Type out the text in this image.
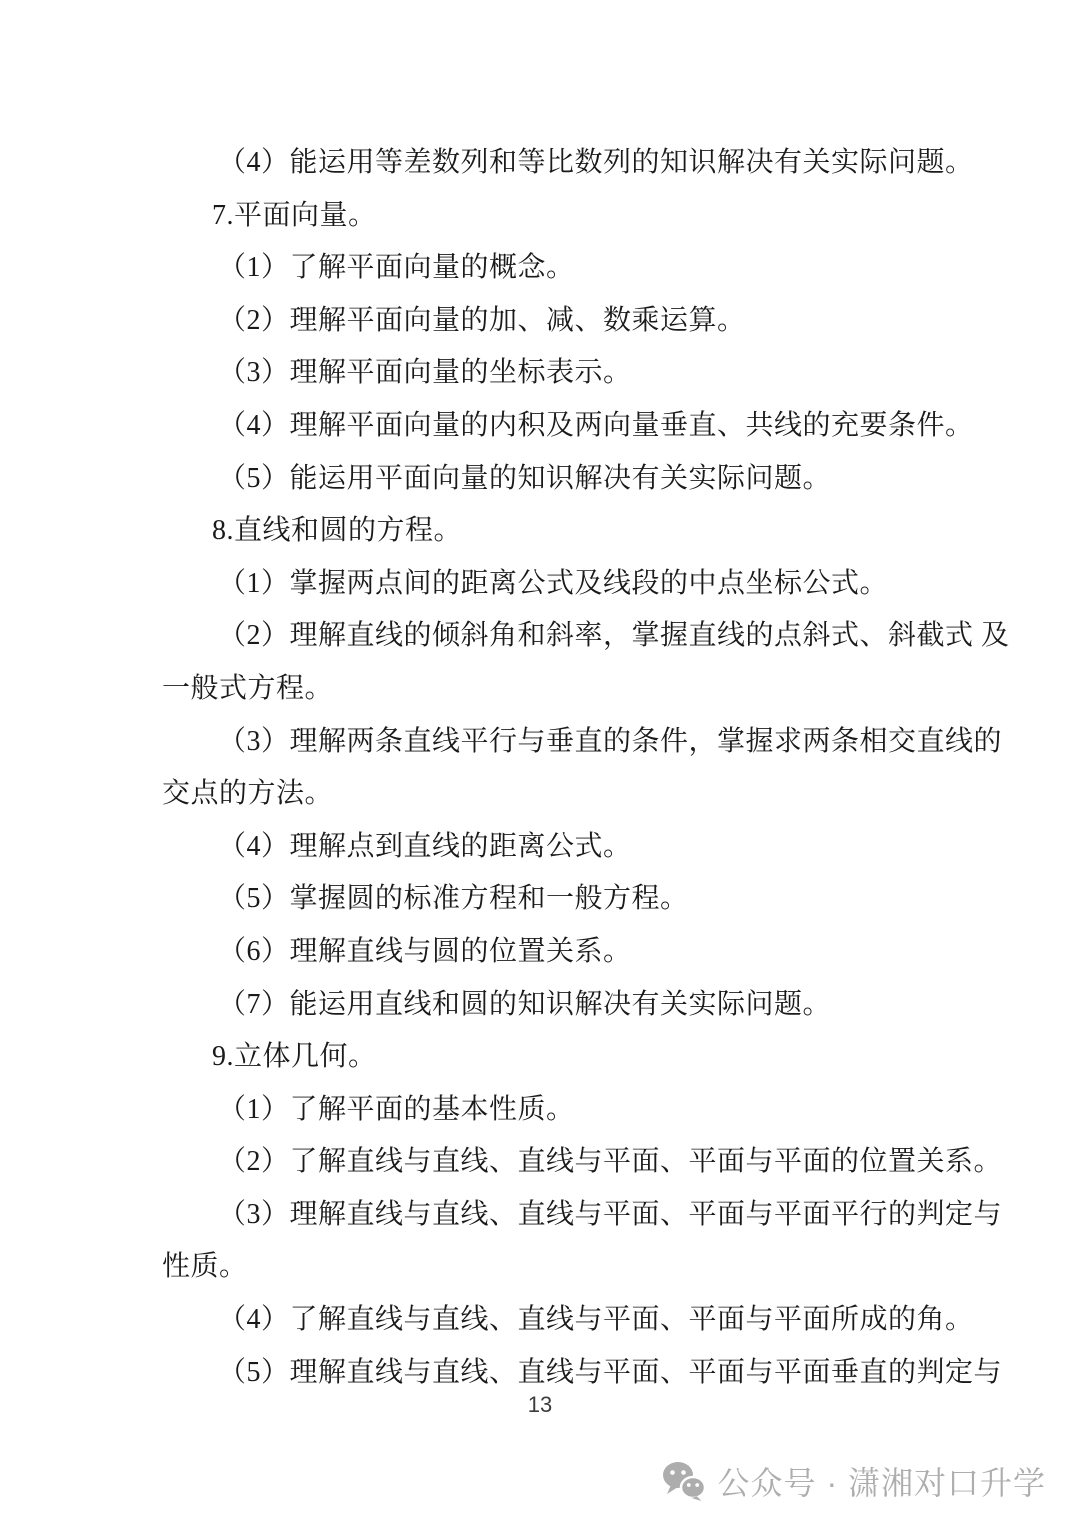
（4）能运用等差数列和等比数列的知识解决有关实际问题。
7.平面向量。
（1）了解平面向量的概念。
（2）理解平面向量的加、减、数乘运算。
（3）理解平面向量的坐标表示。
（4）理解平面向量的内积及两向量垂直、共线的充要条件。
（5）能运用平面向量的知识解决有关实际问题。
8.直线和圆的方程。
（1）掌握两点间的距离公式及线段的中点坐标公式。
（2）理解直线的倾斜角和斜率，掌握直线的点斜式、斜截式 及
一般式方程。
（3）理解两条直线平行与垂直的条件，掌握求两条相交直线的
交点的方法。
（4）理解点到直线的距离公式。
（5）掌握圆的标准方程和一般方程。
（6）理解直线与圆的位置关系。
（7）能运用直线和圆的知识解决有关实际问题。
9.立体几何。
（1）了解平面的基本性质。
（2）了解直线与直线、直线与平面、平面与平面的位置关系。
（3）理解直线与直线、直线与平面、平面与平面平行的判定与
性质。
（4）了解直线与直线、直线与平面、平面与平面所成的角。
（5）理解直线与直线、直线与平面、平面与平面垂直的判定与
13
公众号 · 潇湘对口升学
